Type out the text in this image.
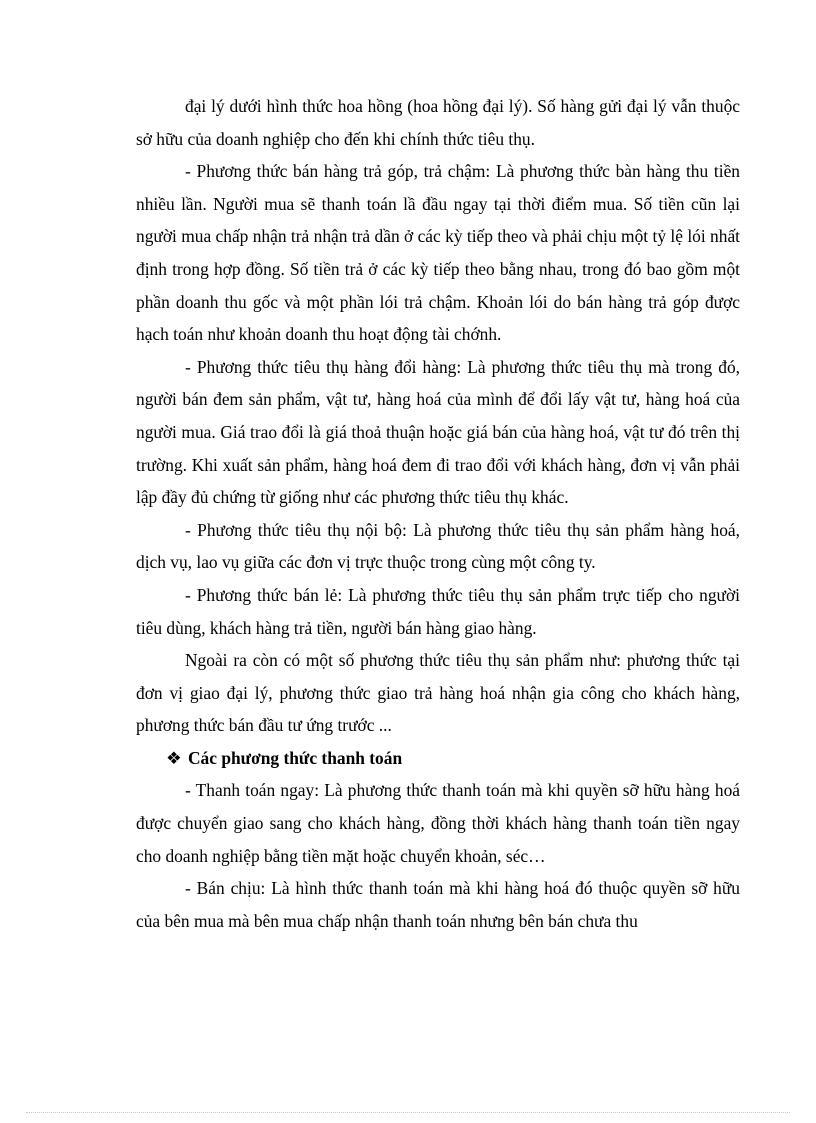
đại lý dưới hình thức hoa hồng (hoa hồng đại lý). Số hàng gửi đại lý vẫn thuộc sở hữu của doanh nghiệp cho đến khi chính thức tiêu thụ.

- Phương thức bán hàng trả góp, trả chậm: Là phương thức bàn hàng thu tiền nhiều lần. Người mua sẽ thanh toán lầ đầu ngay tại thời điểm mua. Số tiền cũn lại người mua chấp nhận trả nhận trả dần ở các kỳ tiếp theo và phải chịu một tỷ lệ lói nhất định trong hợp đồng. Số tiền trả ở các kỳ tiếp theo bằng nhau, trong đó bao gồm một phần doanh thu gốc và một phần lói trả chậm. Khoản lói do bán hàng trả góp được hạch toán như khoản doanh thu hoạt động tài chớnh.

- Phương thức tiêu thụ hàng đổi hàng: Là phương thức tiêu thụ mà trong đó, người bán đem sản phẩm, vật tư, hàng hoá của mình để đổi lấy vật tư, hàng hoá của người mua. Giá trao đổi là giá thoả thuận hoặc giá bán của hàng hoá, vật tư đó trên thị trường. Khi xuất sản phẩm, hàng hoá đem đi trao đổi với khách hàng, đơn vị vẫn phải lập đầy đủ chứng từ giống như các phương thức tiêu thụ khác.

- Phương thức tiêu thụ nội bộ: Là phương thức tiêu thụ sản phẩm hàng hoá, dịch vụ, lao vụ giữa các đơn vị trực thuộc trong cùng một công ty.

- Phương thức bán lẻ: Là phương thức tiêu thụ sản phẩm trực tiếp cho người tiêu dùng, khách hàng trả tiền, người bán hàng giao hàng.

Ngoài ra còn có một số phương thức tiêu thụ sản phẩm như: phương thức tại đơn vị giao đại lý, phương thức giao trả hàng hoá nhận gia công cho khách hàng, phương thức bán đầu tư ứng trước ...

❖ Các phương thức thanh toán

- Thanh toán ngay: Là phương thức thanh toán mà khi quyền sỡ hữu hàng hoá được chuyển giao sang cho khách hàng, đồng thời khách hàng thanh toán tiền ngay cho doanh nghiệp bằng tiền mặt hoặc chuyển khoản, séc…

- Bán chịu: Là hình thức thanh toán mà khi hàng hoá đó thuộc quyền sỡ hữu của bên mua mà bên mua chấp nhận thanh toán nhưng bên bán chưa thu
